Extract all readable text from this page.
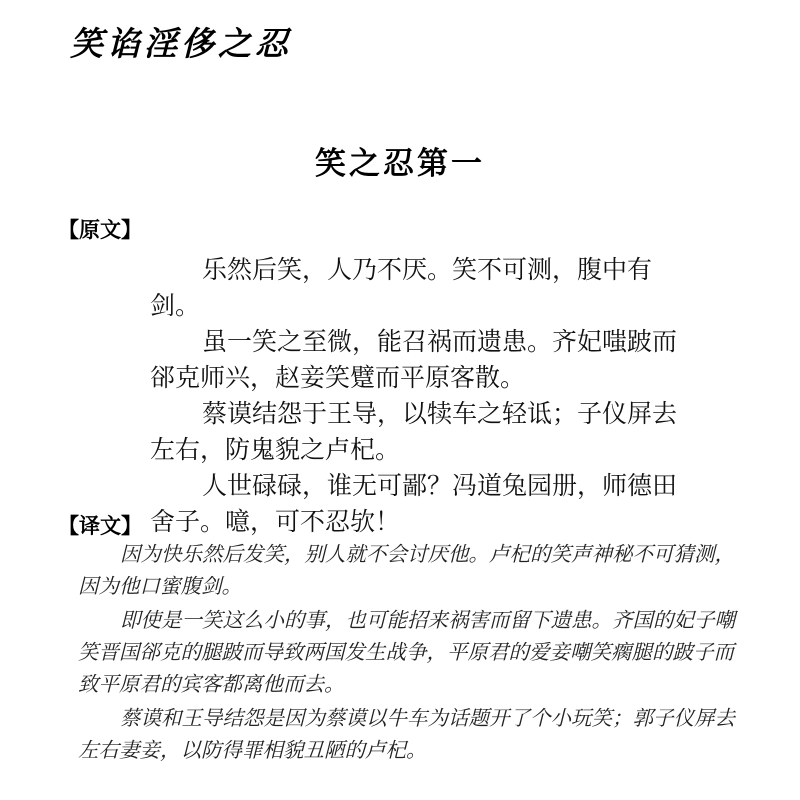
笑谄淫侈之忍
笑之忍第一
【原文】

乐然后笑，人乃不厌。笑不可测，腹中有剑。

虽一笑之至微，能召祸而遗患。齐妃嗤跛而郤克师兴，赵妾笑躄而平原客散。

蔡谟结怨于王导，以犊车之轻诋；子仪屏去左右，防鬼貌之卢杞。

人世碌碌，谁无可鄙？冯道兔园册，师德田舍子。噫，可不忍欤！

【译文】

因为快乐然后发笑，别人就不会讨厌他。卢杞的笑声神秘不可猜测，因为他口蜜腹剑。

即使是一笑这么小的事，也可能招来祸害而留下遗患。齐国的妃子嘲笑晋国郤克的腿跛而导致两国发生战争，平原君的爱妾嘲笑瘸腿的跛子而致平原君的宾客都离他而去。

蔡谟和王导结怨是因为蔡谟以牛车为话题开了个小玩笑；郭子仪屏去左右妻妾，以防得罪相貌丑陋的卢杞。
